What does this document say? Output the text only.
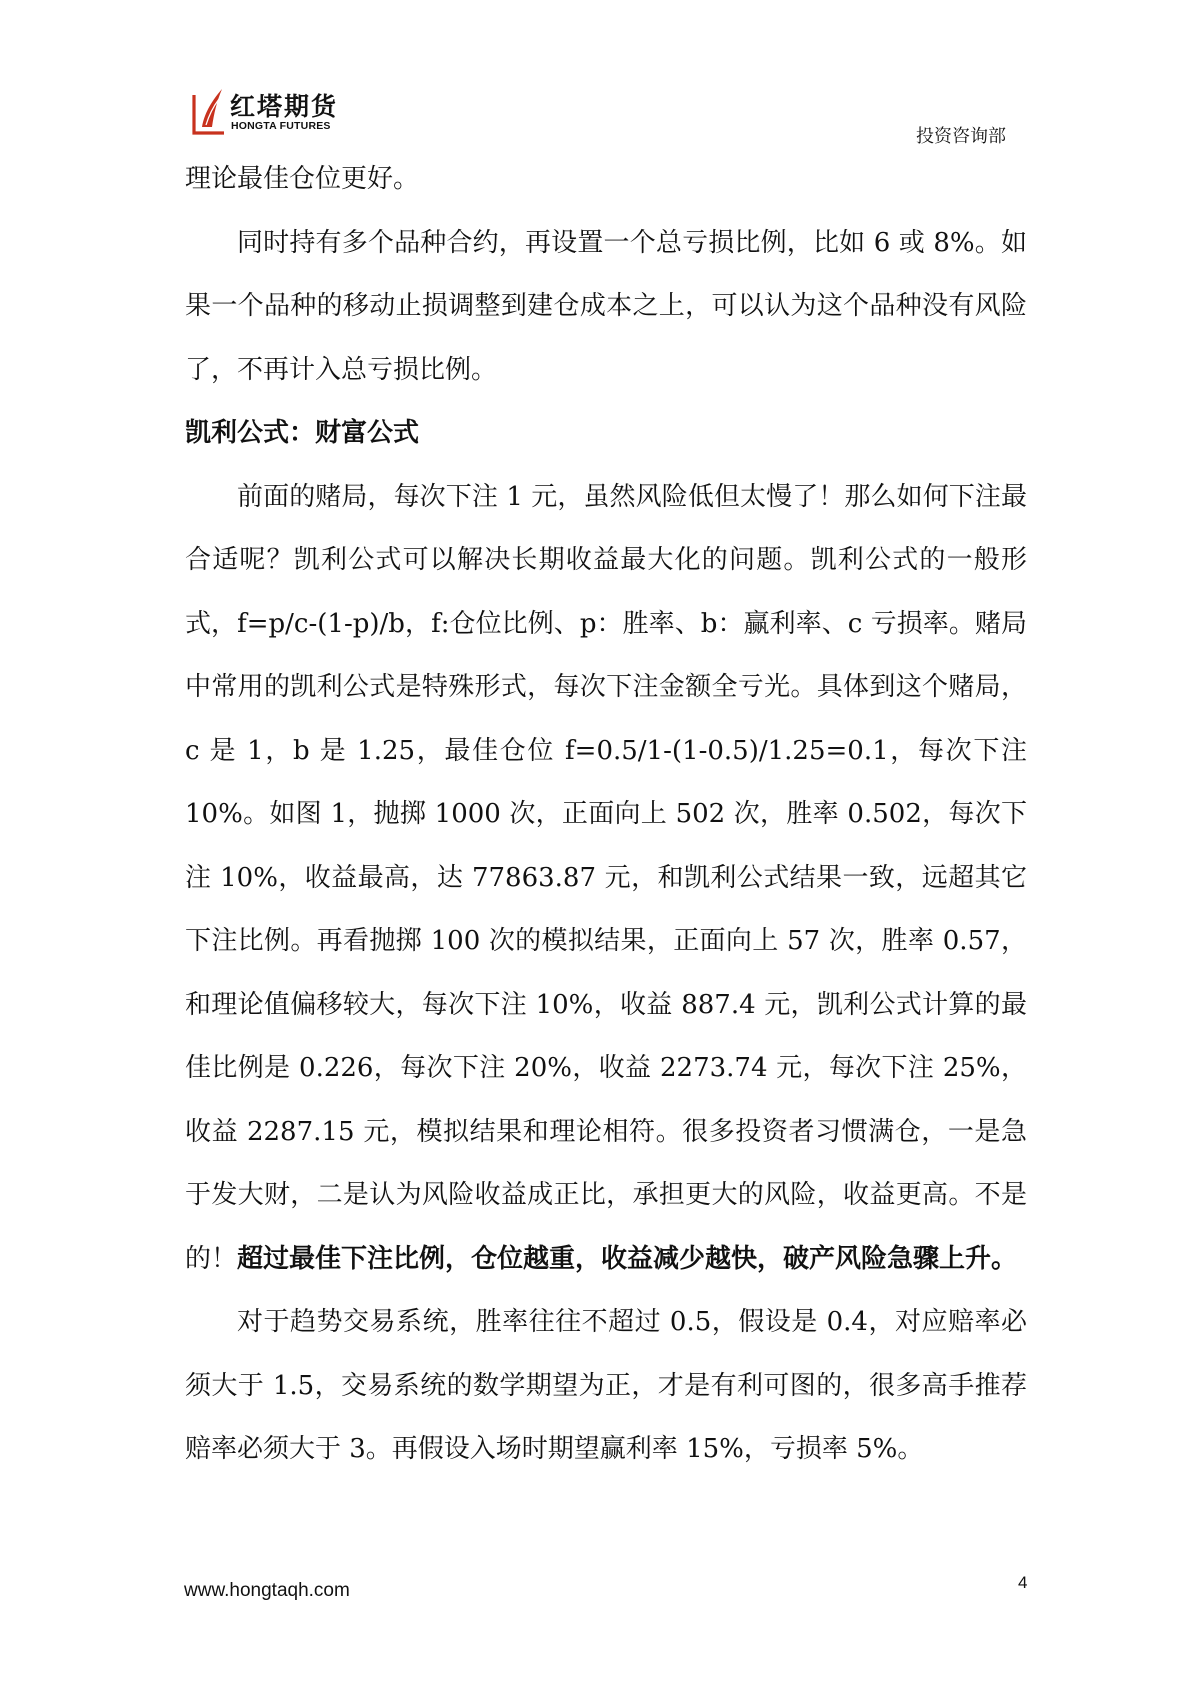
红塔期货
HONGTA FUTURES	投资咨询部

理论最佳仓位更好。

同时持有多个品种合约，再设置一个总亏损比例，比如 6 或 8%。如果一个品种的移动止损调整到建仓成本之上，可以认为这个品种没有风险了，不再计入总亏损比例。

凯利公式：财富公式

前面的赌局，每次下注 1 元，虽然风险低但太慢了！那么如何下注最合适呢？凯利公式可以解决长期收益最大化的问题。凯利公式的一般形式，f=p/c-(1-p)/b，f:仓位比例、p：胜率、b：赢利率、c 亏损率。赌局中常用的凯利公式是特殊形式，每次下注金额全亏光。具体到这个赌局，c 是 1，b 是 1.25，最佳仓位 f=0.5/1-(1-0.5)/1.25=0.1，每次下注 10%。如图 1，抛掷 1000 次，正面向上 502 次，胜率 0.502，每次下注 10%，收益最高，达 77863.87 元，和凯利公式结果一致，远超其它下注比例。再看抛掷 100 次的模拟结果，正面向上 57 次，胜率 0.57，和理论值偏移较大，每次下注 10%，收益 887.4 元，凯利公式计算的最佳比例是 0.226，每次下注 20%，收益 2273.74 元，每次下注 25%，收益 2287.15 元，模拟结果和理论相符。很多投资者习惯满仓，一是急于发大财，二是认为风险收益成正比，承担更大的风险，收益更高。不是的！超过最佳下注比例，仓位越重，收益减少越快，破产风险急骤上升。

对于趋势交易系统，胜率往往不超过 0.5，假设是 0.4，对应赔率必须大于 1.5，交易系统的数学期望为正，才是有利可图的，很多高手推荐赔率必须大于 3。再假设入场时期望赢利率 15%，亏损率 5%。

www.hongtaqh.com	4
